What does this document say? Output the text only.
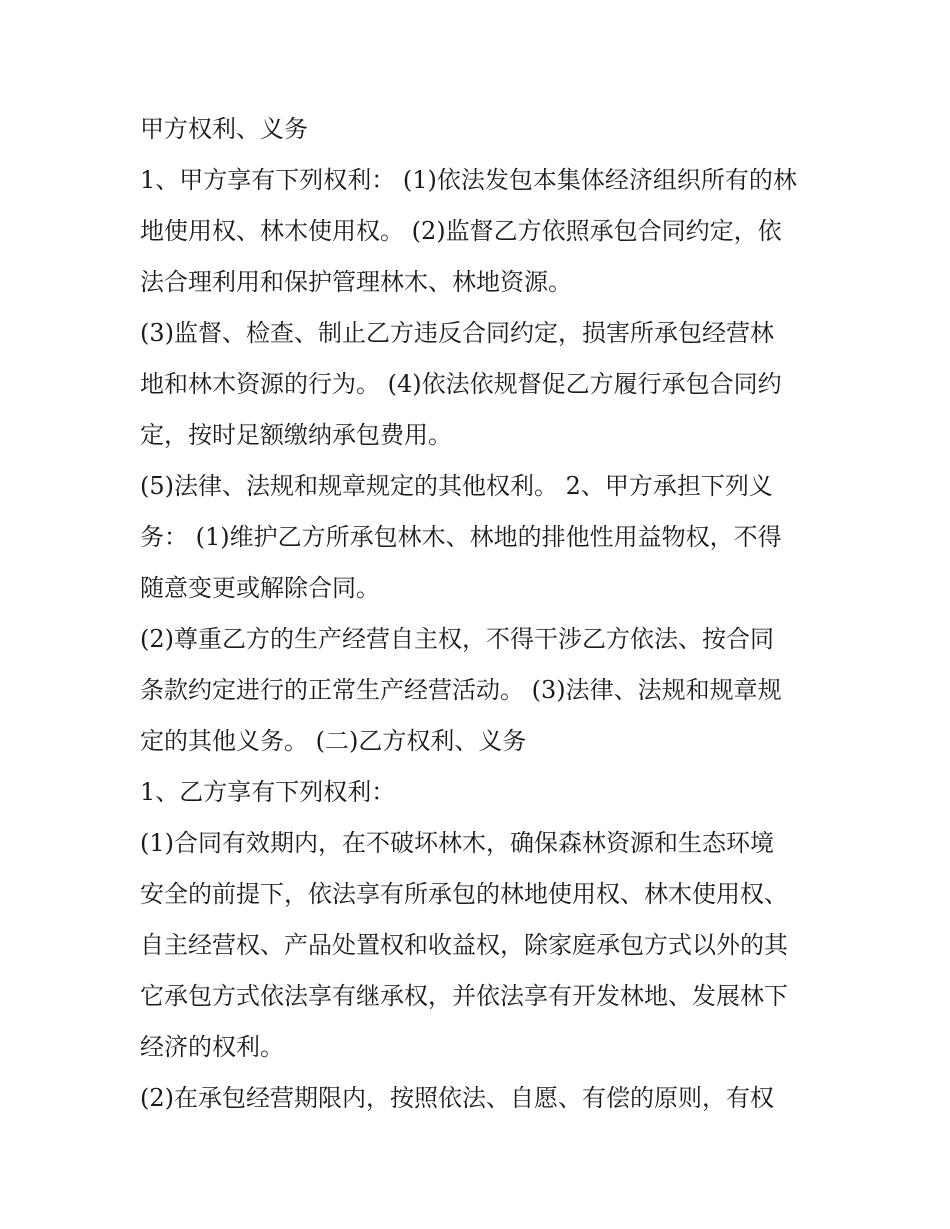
甲方权利、义务
1、甲方享有下列权利： (1)依法发包本集体经济组织所有的林
地使用权、林木使用权。 (2)监督乙方依照承包合同约定，依
法合理利用和保护管理林木、林地资源。
(3)监督、检查、制止乙方违反合同约定，损害所承包经营林
地和林木资源的行为。 (4)依法依规督促乙方履行承包合同约
定，按时足额缴纳承包费用。
(5)法律、法规和规章规定的其他权利。 2、甲方承担下列义
务： (1)维护乙方所承包林木、林地的排他性用益物权，不得
随意变更或解除合同。
(2)尊重乙方的生产经营自主权，不得干涉乙方依法、按合同
条款约定进行的正常生产经营活动。 (3)法律、法规和规章规
定的其他义务。 (二)乙方权利、义务
1、乙方享有下列权利：
(1)合同有效期内，在不破坏林木，确保森林资源和生态环境
安全的前提下，依法享有所承包的林地使用权、林木使用权、
自主经营权、产品处置权和收益权，除家庭承包方式以外的其
它承包方式依法享有继承权，并依法享有开发林地、发展林下
经济的权利。
(2)在承包经营期限内，按照依法、自愿、有偿的原则，有权
